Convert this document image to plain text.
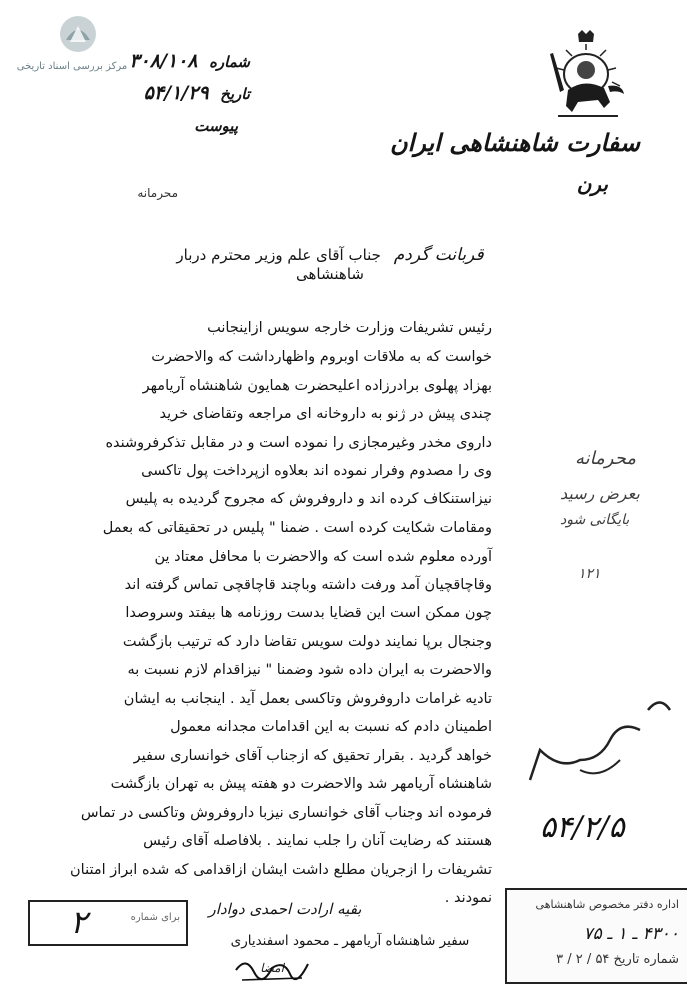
مرکز بررسی اسناد تاریخی	شماره ۳۰۸/۱۰۸
تاریخ ۵۴/۱/۲۹
پیوست
محرمانه
سفارت شاهنشاهی ایران
برن
قربانت گردم جناب آقای علم وزیر محترم دربار شاهنشاهی
رئیس تشریفات وزارت خارجه سویس ازاینجانب
خواست که به ملاقات اوبروم واظهارداشت که والاحضرت
بهزاد پهلوی برادرزاده اعلیحضرت همایون شاهنشاه آریامهر
چندی پیش در ژنو به داروخانه ای مراجعه وتقاضای خرید
داروی مخدر وغیرمجازی را نموده است و در مقابل تذکرفروشنده
وی را مصدوم وفرار نموده اند بعلاوه ازپرداخت پول تاکسی
نیزاستنکاف کرده اند و داروفروش که مجروح گردیده به پلیس
ومقامات شکایت کرده است . ضمنا " پلیس در تحقیقاتی که بعمل
آورده معلوم شده است که والاحضرت با محافل معتاد ین
وقاچاقچیان آمد ورفت داشته وباچند قاچاقچی تماس گرفته اند
چون ممکن است این قضایا بدست روزنامه ها بیفتد وسروصدا
وجنجال برپا نمایند دولت سویس تقاضا دارد که ترتیب بازگشت
والاحضرت به ایران داده شود وضمنا " نیزاقدام لازم نسبت به
تادیه غرامات داروفروش وتاکسی بعمل آید . اینجانب به ایشان
اطمینان دادم که نسبت به این اقدامات مجدانه معمول
خواهد گردید . بقرار تحقیق که ازجناب آقای خوانساری سفیر
شاهنشاه آریامهر شد والاحضرت دو هفته پیش به تهران بازگشت
فرموده اند وجناب آقای خوانساری نیزبا داروفروش وتاکسی در تماس
هستند که رضایت آنان را جلب نمایند . بلافاصله آقای رئیس
تشریفات را ازجریان مطلع داشت ایشان ازاقدامی که شده ابراز امتنان
نمودند .
بقیه ارادت احمدی دوادار
سفیر شاهنشاه آریامهر ـ محمود اسفندیاری
امضا
برای شماره
۲	اداره دفتر مخصوص شاهنشاهی
۴۳۰۰ ـ ۱ ـ ۷۵
شماره تاریخ ۵۴ / ۲ / ۳
محرمانه
بعرض رسید
بایگانی شود
۱۲۱
۵۴/۲/۵
